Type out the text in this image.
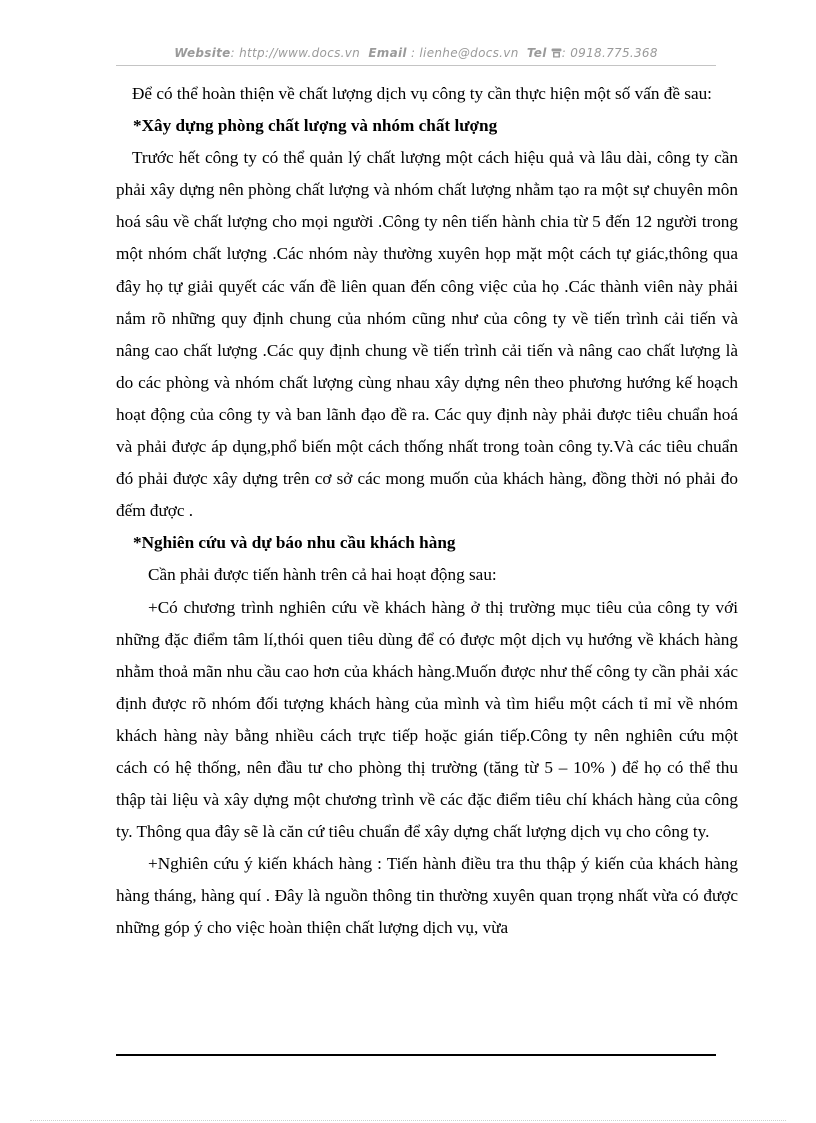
Website: http://www.docs.vn Email : lienhe@docs.vn Tel : 0918.775.368

Để có thể hoàn thiện về chất lượng dịch vụ công ty cần thực hiện một số vấn đề sau:

*Xây dựng phòng chất lượng và nhóm chất lượng

Trước hết công ty có thể quản lý chất lượng một cách hiệu quả và lâu dài, công ty cần phải xây dựng nên phòng chất lượng và nhóm chất lượng nhằm tạo ra một sự chuyên môn hoá sâu về chất lượng cho mọi người .Công ty nên tiến hành chia từ 5 đến 12 người trong một nhóm chất lượng .Các nhóm này thường xuyên họp mặt một cách tự giác,thông qua đây họ tự giải quyết các vấn đề liên quan đến công việc của họ .Các thành viên này phải nắm rõ những quy định chung của nhóm cũng như của công ty về tiến trình cải tiến và nâng cao chất lượng .Các quy định chung về tiến trình cải tiến và nâng cao chất lượng là do các phòng và nhóm chất lượng cùng nhau xây dựng nên theo phương hướng kế hoạch hoạt động của công ty và ban lãnh đạo đề ra. Các quy định này phải được tiêu chuẩn hoá và phải được áp dụng,phổ biến một cách thống nhất trong toàn công ty.Và các tiêu chuẩn đó phải được xây dựng trên cơ sở các mong muốn của khách hàng, đồng thời nó phải đo đếm được .

*Nghiên cứu và dự báo nhu cầu khách hàng

Cần phải được tiến hành trên cả hai hoạt động sau:

+Có chương trình nghiên cứu về khách hàng ở thị trường mục tiêu của công ty với những đặc điểm tâm lí,thói quen tiêu dùng để có được một dịch vụ hướng về khách hàng nhằm thoả mãn nhu cầu cao hơn của khách hàng.Muốn được như thế công ty cần phải xác định được rõ nhóm đối tượng khách hàng của mình và tìm hiểu một cách tỉ mỉ về nhóm khách hàng này bằng nhiều cách trực tiếp hoặc gián tiếp.Công ty nên nghiên cứu một cách có hệ thống, nên đầu tư cho phòng thị trường (tăng từ 5 – 10% ) để họ có thể thu thập tài liệu và xây dựng một chương trình về các đặc điểm tiêu chí khách hàng của công ty. Thông qua đây sẽ là căn cứ tiêu chuẩn để xây dựng chất lượng dịch vụ cho công ty.

+Nghiên cứu ý kiến khách hàng : Tiến hành điều tra thu thập ý kiến của khách hàng hàng tháng, hàng quí . Đây là nguồn thông tin thường xuyên quan trọng nhất vừa có được những góp ý cho việc hoàn thiện chất lượng dịch vụ, vừa
